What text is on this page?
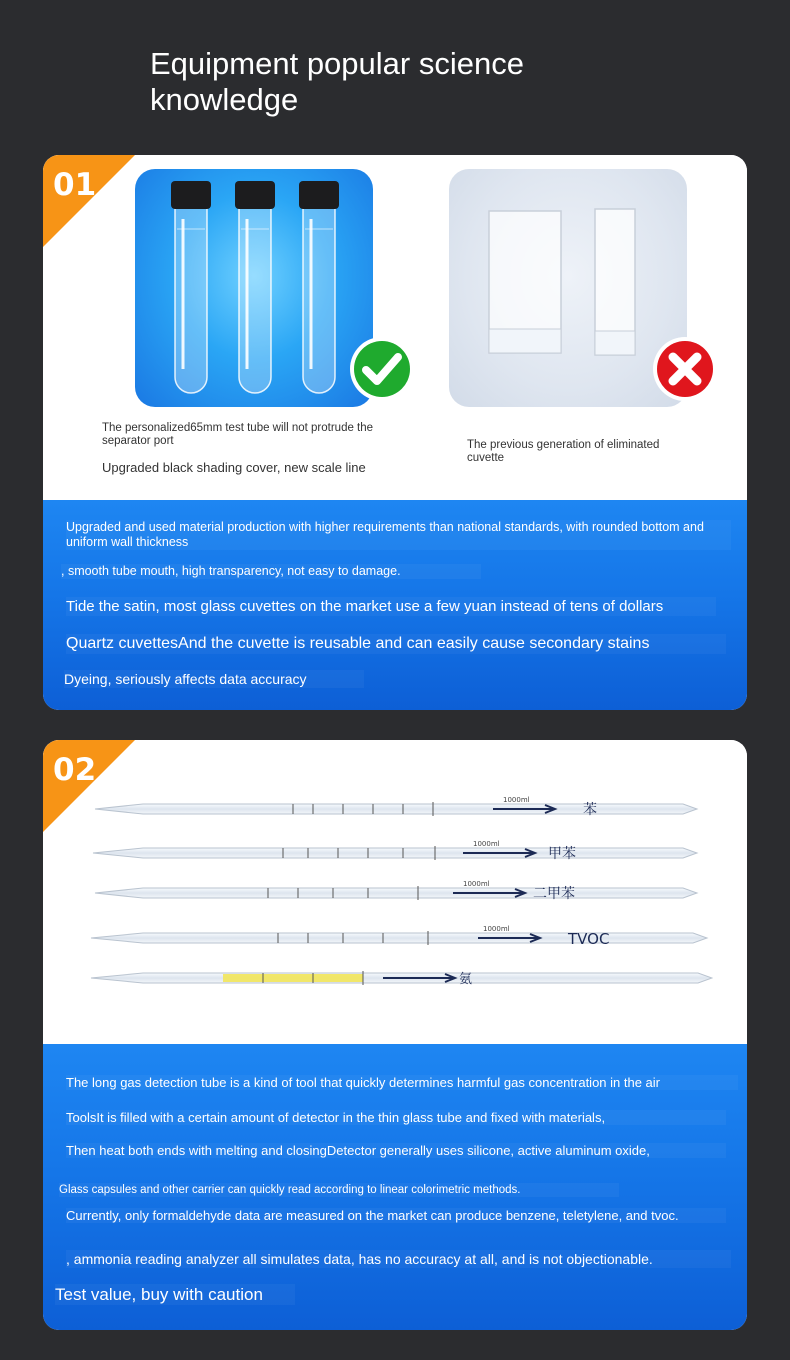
Equipment popular science knowledge
The personalized65mm test tube will not protrude the separator port
Upgraded black shading cover, new scale line
The previous generation of eliminated cuvette
01
Upgraded and used material production with higher requirements than national standards, with rounded bottom and uniform wall thickness
, smooth tube mouth, high transparency, not easy to damage.
Tide the satin, most glass cuvettes on the market use a few yuan instead of tens of dollars
Quartz cuvettesAnd the cuvette is reusable and can easily cause secondary stains
Dyeing, seriously affects data accuracy
苯
1000ml
甲苯
1000ml
二甲苯
1000ml
TVOC
1000ml
氨
02
The long gas detection tube is a kind of tool that quickly determines harmful gas concentration in the air
ToolsIt is filled with a certain amount of detector in the thin glass tube and fixed with materials,
Then heat both ends with melting and closingDetector generally uses silicone, active aluminum oxide,
Glass capsules and other carrier can quickly read according to linear colorimetric methods.
Currently, only formaldehyde data are measured on the market can produce benzene, teletylene, and tvoc.
, ammonia reading analyzer all simulates data, has no accuracy at all, and is not objectionable.
Test value, buy with caution
